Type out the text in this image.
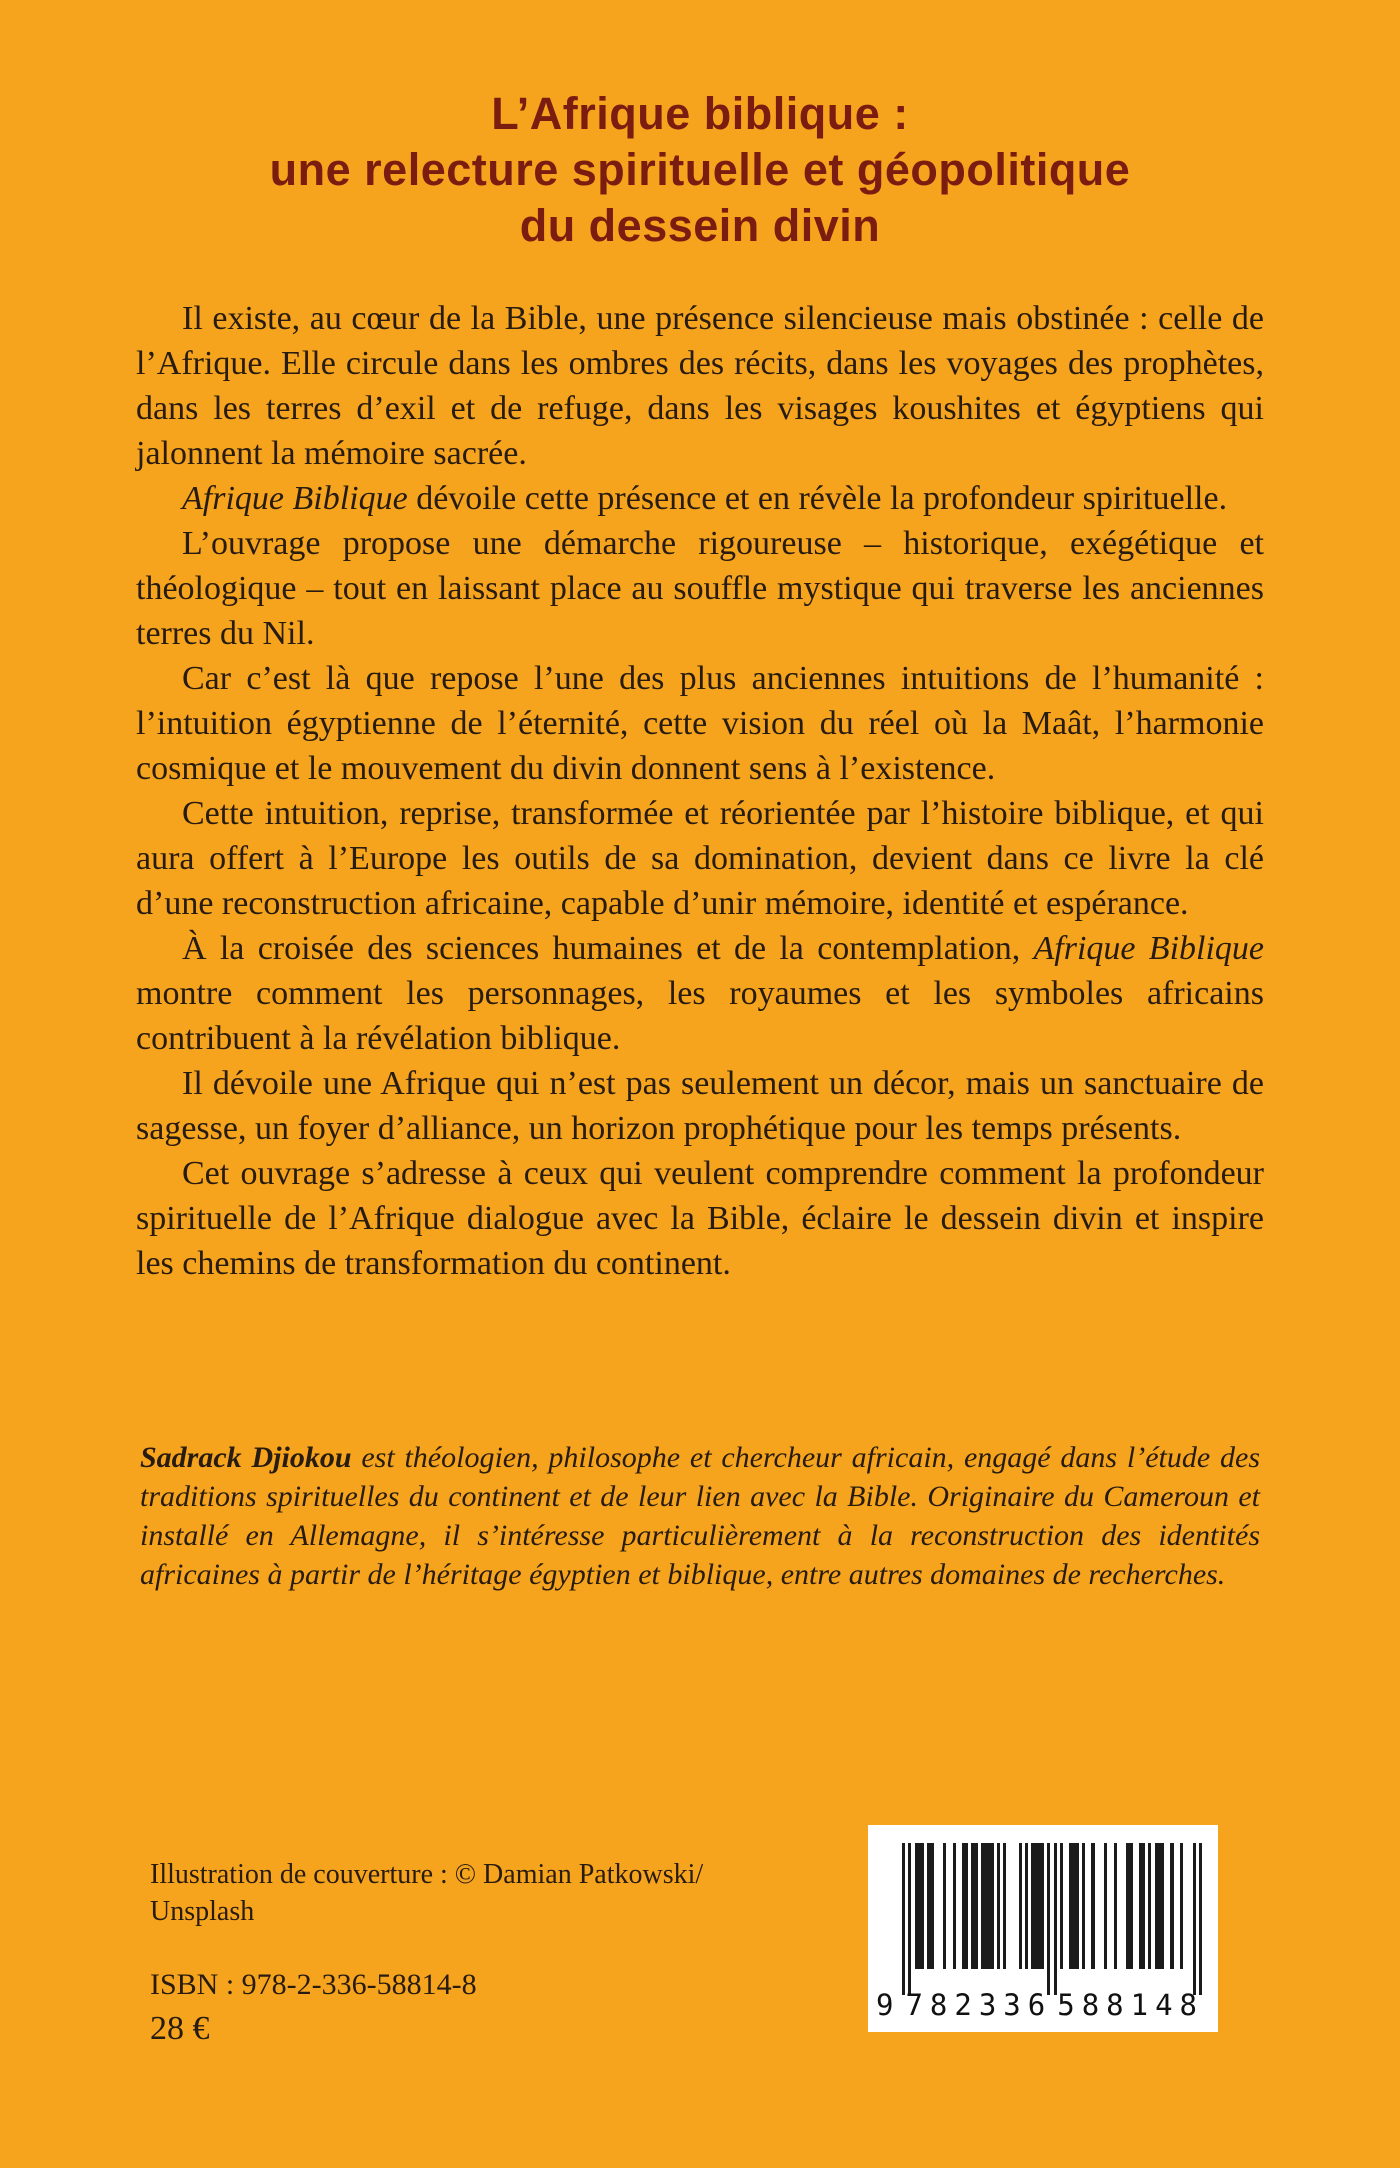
L’Afrique biblique :
une relecture spirituelle et géopolitique
du dessein divin

Il existe, au cœur de la Bible, une présence silencieuse mais obstinée : celle de l’Afrique. Elle circule dans les ombres des récits, dans les voyages des prophètes, dans les terres d’exil et de refuge, dans les visages koushites et égyptiens qui jalonnent la mémoire sacrée.

Afrique Biblique dévoile cette présence et en révèle la profondeur spirituelle.

L’ouvrage propose une démarche rigoureuse – historique, exégétique et théologique – tout en laissant place au souffle mystique qui traverse les anciennes terres du Nil.

Car c’est là que repose l’une des plus anciennes intuitions de l’humanité : l’intuition égyptienne de l’éternité, cette vision du réel où la Maât, l’harmonie cosmique et le mouvement du divin donnent sens à l’existence.

Cette intuition, reprise, transformée et réorientée par l’histoire biblique, et qui aura offert à l’Europe les outils de sa domination, devient dans ce livre la clé d’une reconstruction africaine, capable d’unir mémoire, identité et espérance.

À la croisée des sciences humaines et de la contemplation, Afrique Biblique montre comment les personnages, les royaumes et les symboles africains contribuent à la révélation biblique.

Il dévoile une Afrique qui n’est pas seulement un décor, mais un sanctuaire de sagesse, un foyer d’alliance, un horizon prophétique pour les temps présents.

Cet ouvrage s’adresse à ceux qui veulent comprendre comment la profondeur spirituelle de l’Afrique dialogue avec la Bible, éclaire le dessein divin et inspire les chemins de transformation du continent.

Sadrack Djiokou est théologien, philosophe et chercheur africain, engagé dans l’étude des traditions spirituelles du continent et de leur lien avec la Bible. Originaire du Cameroun et installé en Allemagne, il s’intéresse particulièrement à la reconstruction des identités africaines à partir de l’héritage égyptien et biblique, entre autres domaines de recherches.

Illustration de couverture : © Damian Patkowski/

Unsplash

ISBN : 978-2-336-58814-8

28 €

9 782336 588148
